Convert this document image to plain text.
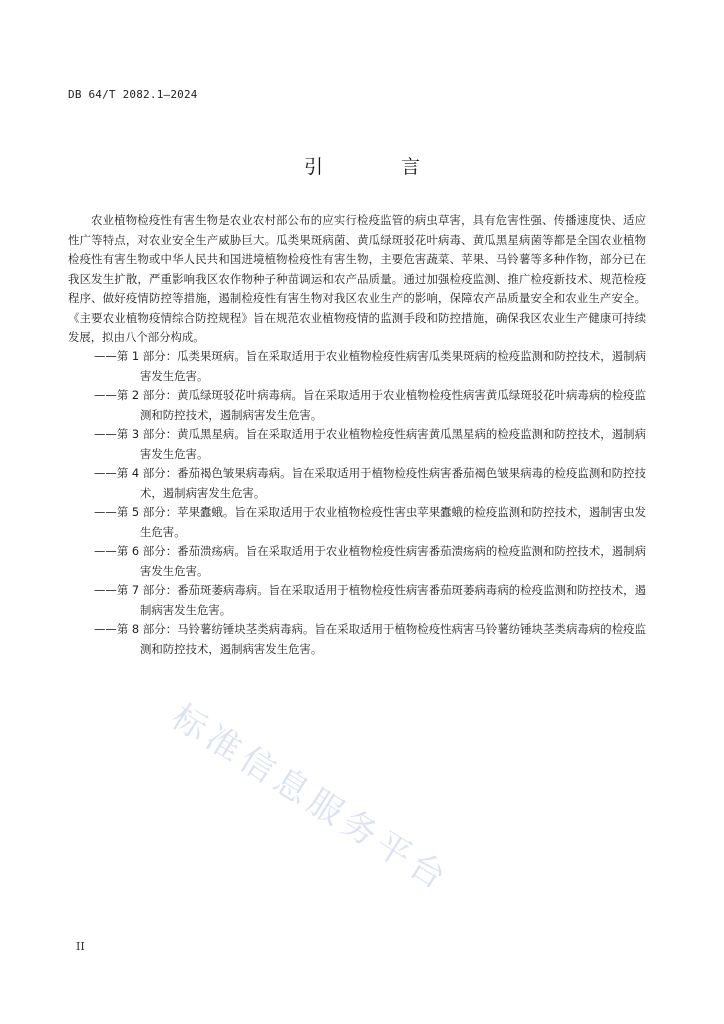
DB 64/T 2082.1—2024
引 言

农业植物检疫性有害生物是农业农村部公布的应实行检疫监管的病虫草害，具有危害性强、传播速度快、适应性广等特点，对农业安全生产威胁巨大。瓜类果斑病菌、黄瓜绿斑驳花叶病毒、黄瓜黑星病菌等都是全国农业植物检疫性有害生物或中华人民共和国进境植物检疫性有害生物，主要危害蔬菜、苹果、马铃薯等多种作物，部分已在我区发生扩散，严重影响我区农作物种子种苗调运和农产品质量。通过加强检疫监测、推广检疫新技术、规范检疫程序、做好疫情防控等措施，遏制检疫性有害生物对我区农业生产的影响，保障农产品质量安全和农业生产安全。《主要农业植物疫情综合防控规程》旨在规范农业植物疫情的监测手段和防控措施，确保我区农业生产健康可持续发展，拟由八个部分构成。

——第 1 部分：瓜类果斑病。旨在采取适用于农业植物检疫性病害瓜类果斑病的检疫监测和防控技术，遏制病害发生危害。
——第 2 部分：黄瓜绿斑驳花叶病毒病。旨在采取适用于农业植物检疫性病害黄瓜绿斑驳花叶病毒病的检疫监测和防控技术，遏制病害发生危害。
——第 3 部分：黄瓜黑星病。旨在采取适用于农业植物检疫性病害黄瓜黑星病的检疫监测和防控技术，遏制病害发生危害。
——第 4 部分：番茄褐色皱果病毒病。旨在采取适用于植物检疫性病害番茄褐色皱果病毒的检疫监测和防控技术，遏制病害发生危害。
——第 5 部分：苹果蠹蛾。旨在采取适用于农业植物检疫性害虫苹果蠹蛾的检疫监测和防控技术，遏制害虫发生危害。
——第 6 部分：番茄溃疡病。旨在采取适用于农业植物检疫性病害番茄溃疡病的检疫监测和防控技术，遏制病害发生危害。
——第 7 部分：番茄斑萎病毒病。旨在采取适用于植物检疫性病害番茄斑萎病毒病的检疫监测和防控技术，遏制病害发生危害。
——第 8 部分：马铃薯纺锤块茎类病毒病。旨在采取适用于植物检疫性病害马铃薯纺锤块茎类病毒病的检疫监测和防控技术，遏制病害发生危害。
标准信息服务平台
II
